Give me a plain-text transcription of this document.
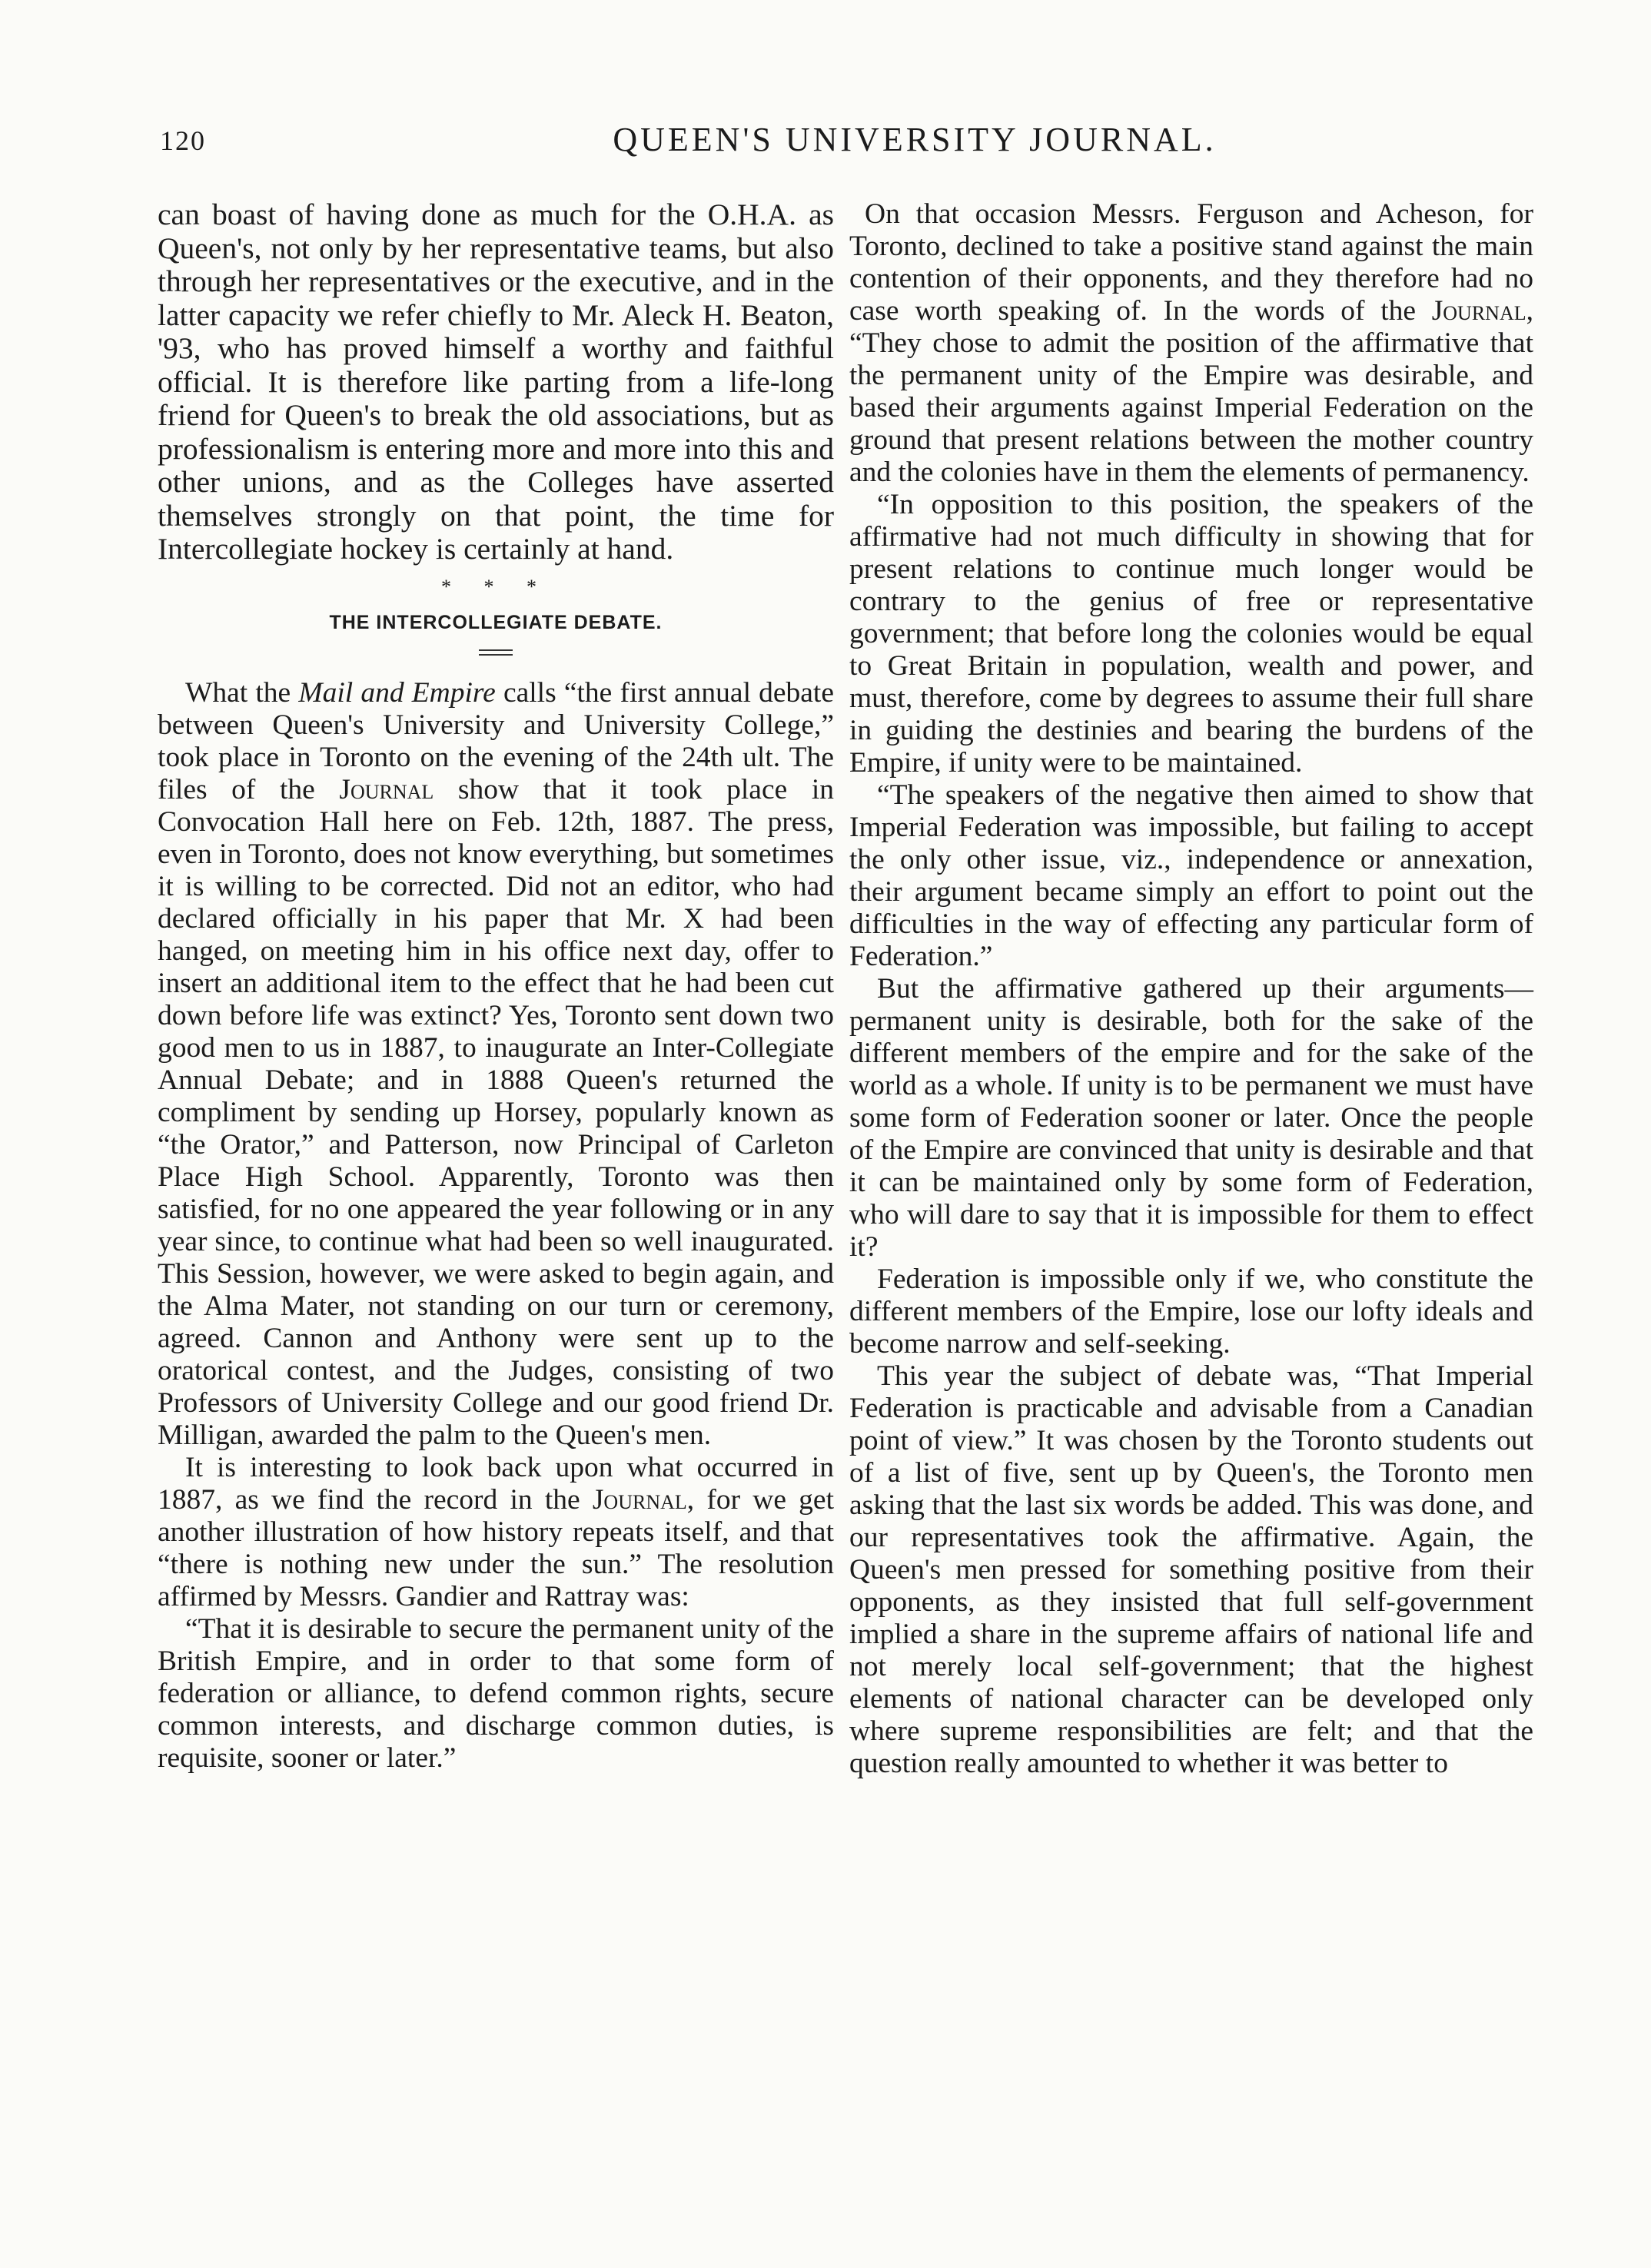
120	QUEEN'S UNIVERSITY JOURNAL.

can boast of having done as much for the O.H.A. as Queen's, not only by her representative teams, but also through her representatives or the executive, and in the latter capacity we refer chiefly to Mr. Aleck H. Beaton, '93, who has proved himself a worthy and faithful official. It is therefore like parting from a life-long friend for Queen's to break the old associations, but as professionalism is entering more and more into this and other unions, and as the Colleges have asserted themselves strongly on that point, the time for Intercollegiate hockey is certainly at hand.

* * *
THE INTERCOLLEGIATE DEBATE.

What the Mail and Empire calls “the first annual debate between Queen's University and University College,” took place in Toronto on the evening of the 24th ult. The files of the Journal show that it took place in Convocation Hall here on Feb. 12th, 1887. The press, even in Toronto, does not know everything, but sometimes it is willing to be corrected. Did not an editor, who had declared officially in his paper that Mr. X had been hanged, on meeting him in his office next day, offer to insert an additional item to the effect that he had been cut down before life was extinct? Yes, Toronto sent down two good men to us in 1887, to inaugurate an Inter-Collegiate Annual Debate; and in 1888 Queen's returned the compliment by sending up Horsey, popularly known as “the Orator,” and Patterson, now Principal of Carleton Place High School. Apparently, Toronto was then satisfied, for no one appeared the year following or in any year since, to continue what had been so well inaugurated. This Session, however, we were asked to begin again, and the Alma Mater, not standing on our turn or ceremony, agreed. Cannon and Anthony were sent up to the oratorical contest, and the Judges, consisting of two Professors of University College and our good friend Dr. Milligan, awarded the palm to the Queen's men.

It is interesting to look back upon what occurred in 1887, as we find the record in the Journal, for we get another illustration of how history repeats itself, and that “there is nothing new under the sun.” The resolution affirmed by Messrs. Gandier and Rattray was:

“That it is desirable to secure the permanent unity of the British Empire, and in order to that some form of federation or alliance, to defend common rights, secure common interests, and discharge common duties, is requisite, sooner or later.”

On that occasion Messrs. Ferguson and Acheson, for Toronto, declined to take a positive stand against the main contention of their opponents, and they therefore had no case worth speaking of. In the words of the Journal, “They chose to admit the position of the affirmative that the permanent unity of the Empire was desirable, and based their arguments against Imperial Federation on the ground that present relations between the mother country and the colonies have in them the elements of permanency.

“In opposition to this position, the speakers of the affirmative had not much difficulty in showing that for present relations to continue much longer would be contrary to the genius of free or representative government; that before long the colonies would be equal to Great Britain in population, wealth and power, and must, therefore, come by degrees to assume their full share in guiding the destinies and bearing the burdens of the Empire, if unity were to be maintained.

“The speakers of the negative then aimed to show that Imperial Federation was impossible, but failing to accept the only other issue, viz., independence or annexation, their argument became simply an effort to point out the difficulties in the way of effecting any particular form of Federation.”

But the affirmative gathered up their arguments—permanent unity is desirable, both for the sake of the different members of the empire and for the sake of the world as a whole. If unity is to be permanent we must have some form of Federation sooner or later. Once the people of the Empire are convinced that unity is desirable and that it can be maintained only by some form of Federation, who will dare to say that it is impossible for them to effect it?

Federation is impossible only if we, who constitute the different members of the Empire, lose our lofty ideals and become narrow and self-seeking.

This year the subject of debate was, “That Imperial Federation is practicable and advisable from a Canadian point of view.” It was chosen by the Toronto students out of a list of five, sent up by Queen's, the Toronto men asking that the last six words be added. This was done, and our representatives took the affirmative. Again, the Queen's men pressed for something positive from their opponents, as they insisted that full self-government implied a share in the supreme affairs of national life and not merely local self-government; that the highest elements of national character can be developed only where supreme responsibilities are felt; and that the question really amounted to whether it was better to
